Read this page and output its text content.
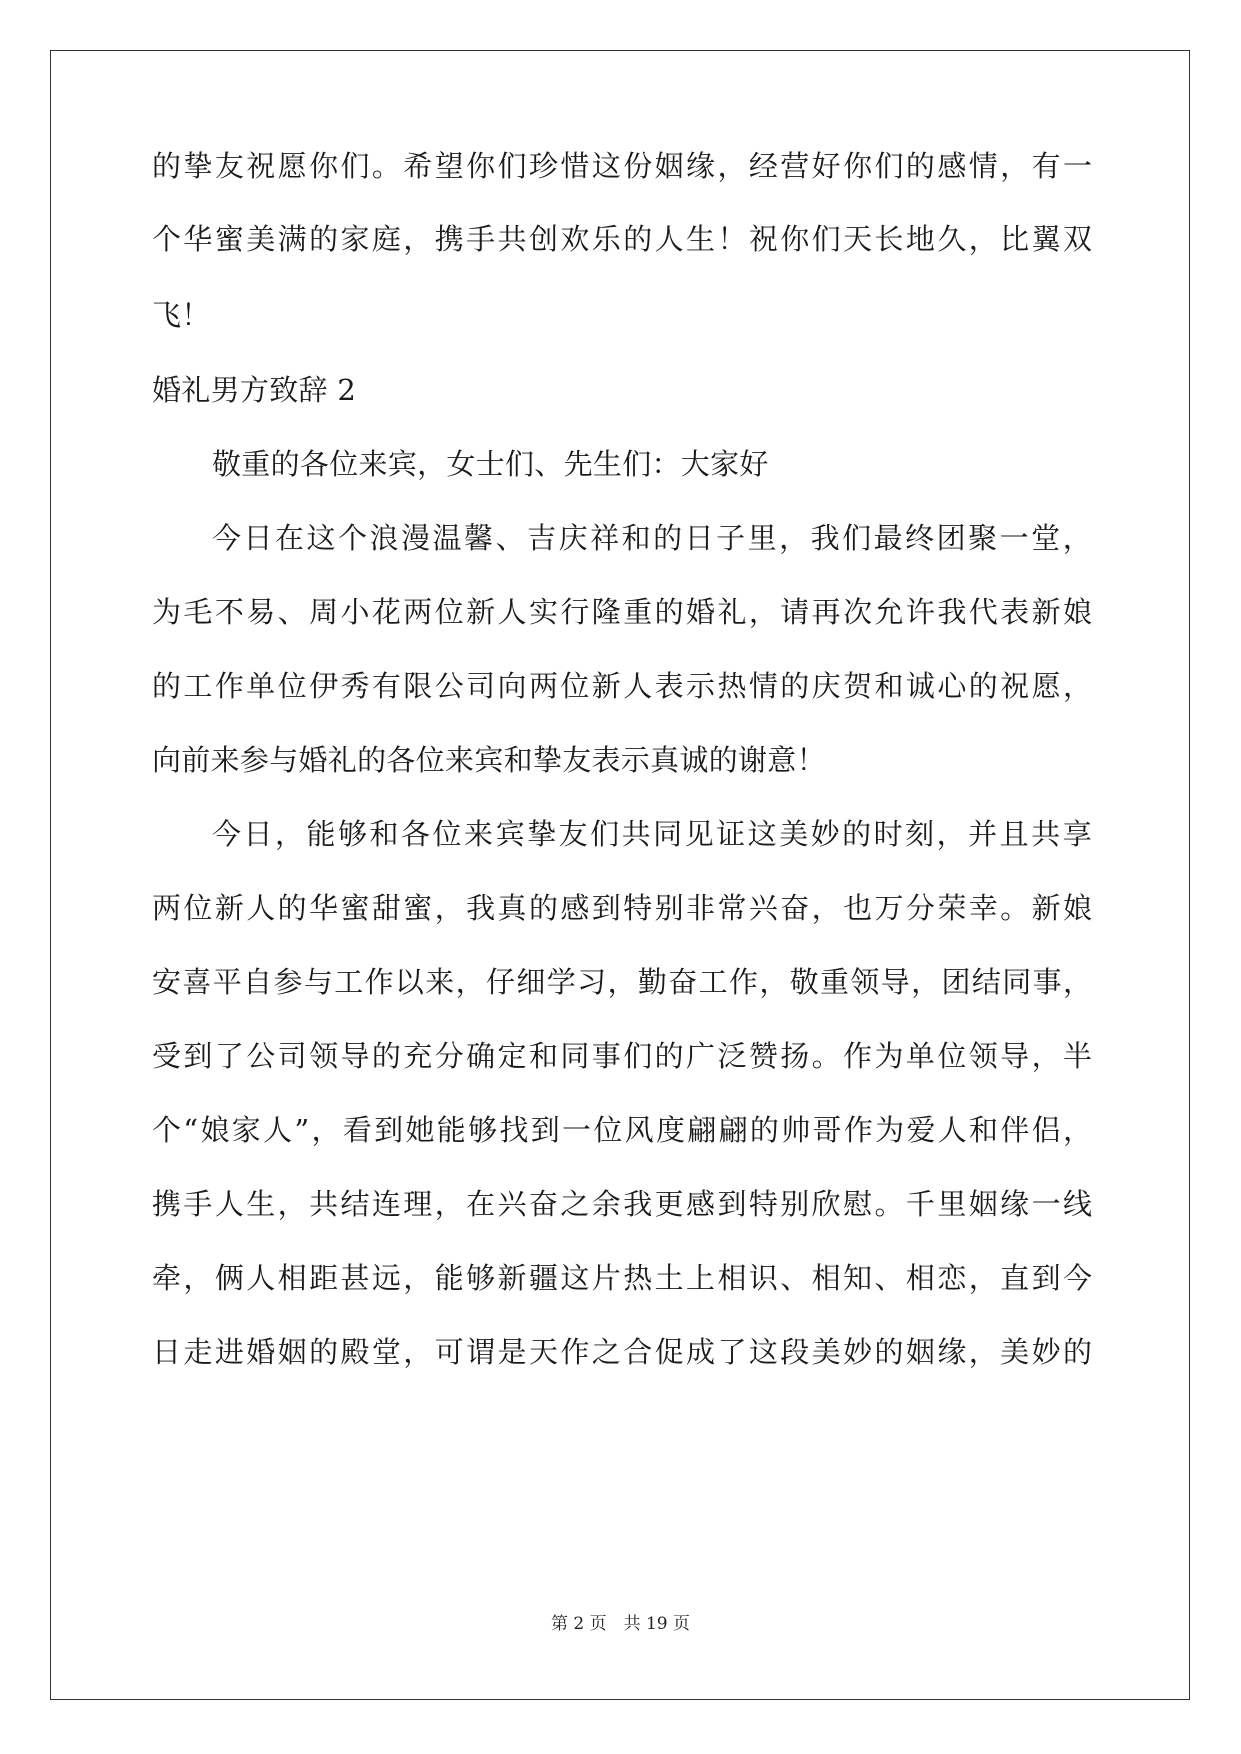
的挚友祝愿你们。希望你们珍惜这份姻缘，经营好你们的感情，有一
个华蜜美满的家庭，携手共创欢乐的人生！祝你们天长地久，比翼双
飞！
婚礼男方致辞 2
敬重的各位来宾，女士们、先生们：大家好
今日在这个浪漫温馨、吉庆祥和的日子里，我们最终团聚一堂，
为毛不易、周小花两位新人实行隆重的婚礼，请再次允许我代表新娘
的工作单位伊秀有限公司向两位新人表示热情的庆贺和诚心的祝愿，
向前来参与婚礼的各位来宾和挚友表示真诚的谢意！
今日，能够和各位来宾挚友们共同见证这美妙的时刻，并且共享
两位新人的华蜜甜蜜，我真的感到特别非常兴奋，也万分荣幸。新娘
安喜平自参与工作以来，仔细学习，勤奋工作，敬重领导，团结同事，
受到了公司领导的充分确定和同事们的广泛赞扬。作为单位领导，半
个“娘家人”，看到她能够找到一位风度翩翩的帅哥作为爱人和伴侣，
携手人生，共结连理，在兴奋之余我更感到特别欣慰。千里姻缘一线
牵，俩人相距甚远，能够新疆这片热土上相识、相知、相恋，直到今
日走进婚姻的殿堂，可谓是天作之合促成了这段美妙的姻缘，美妙的
第 2 页　共 19 页
